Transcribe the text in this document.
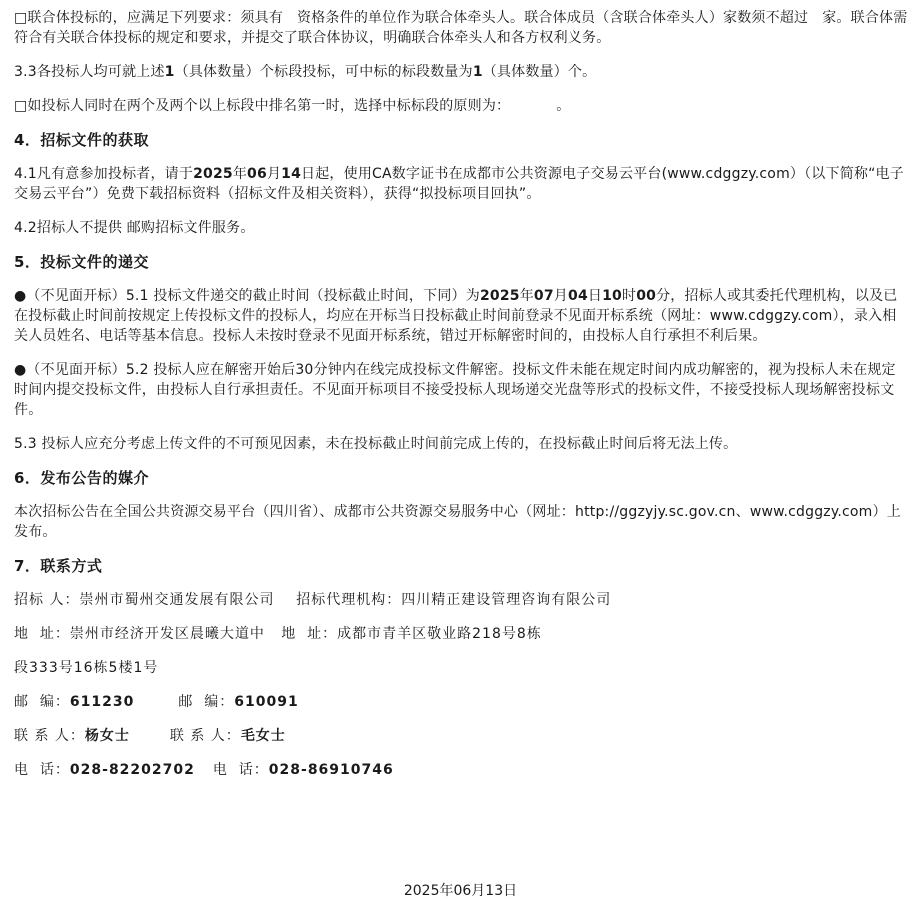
□联合体投标的，应满足下列要求：须具有 资格条件的单位作为联合体牵头人。联合体成员（含联合体牵头人）家数须不超过 家。联合体需符合有关联合体投标的规定和要求，并提交了联合体协议，明确联合体牵头人和各方权利义务。

3.3各投标人均可就上述1（具体数量）个标段投标，可中标的标段数量为1（具体数量）个。

□如投标人同时在两个及两个以上标段中排名第一时，选择中标标段的原则为：	。

4．招标文件的获取

4.1凡有意参加投标者，请于2025年06月14日起，使用CA数字证书在成都市公共资源电子交易云平台(www.cdggzy.com）（以下简称“电子交易云平台”）免费下载招标资料（招标文件及相关资料），获得“拟投标项目回执”。

4.2招标人不提供 邮购招标文件服务。

5．投标文件的递交

●（不见面开标）5.1 投标文件递交的截止时间（投标截止时间，下同）为2025年07月04日10时00分，招标人或其委托代理机构，以及已在投标截止时间前按规定上传投标文件的投标人，均应在开标当日投标截止时间前登录不见面开标系统（网址：www.cdggzy.com），录入相关人员姓名、电话等基本信息。投标人未按时登录不见面开标系统，错过开标解密时间的，由投标人自行承担不利后果。

●（不见面开标）5.2 投标人应在解密开始后30分钟内在线完成投标文件解密。投标文件未能在规定时间内成功解密的，视为投标人未在规定时间内提交投标文件，由投标人自行承担责任。不见面开标项目不接受投标人现场递交光盘等形式的投标文件，不接受投标人现场解密投标文件。

5.3 投标人应充分考虑上传文件的不可预见因素，未在投标截止时间前完成上传的，在投标截止时间后将无法上传。

6．发布公告的媒介

本次招标公告在全国公共资源交易平台（四川省）、成都市公共资源交易服务中心（网址：http://ggzyjy.sc.gov.cn、www.cdggzy.com）上发布。

7．联系方式

招标 人：崇州市蜀州交通发展有限公司    招标代理机构：四川精正建设管理咨询有限公司

地  址：崇州市经济开发区晨曦大道中   地  址：成都市青羊区敬业路218号8栋

段333号16栋5楼1号

邮  编：611230	邮  编：610091

联 系 人：杨女士	联 系 人：毛女士

电  话：028-82202702 电  话：028-86910746

2025年06月13日
